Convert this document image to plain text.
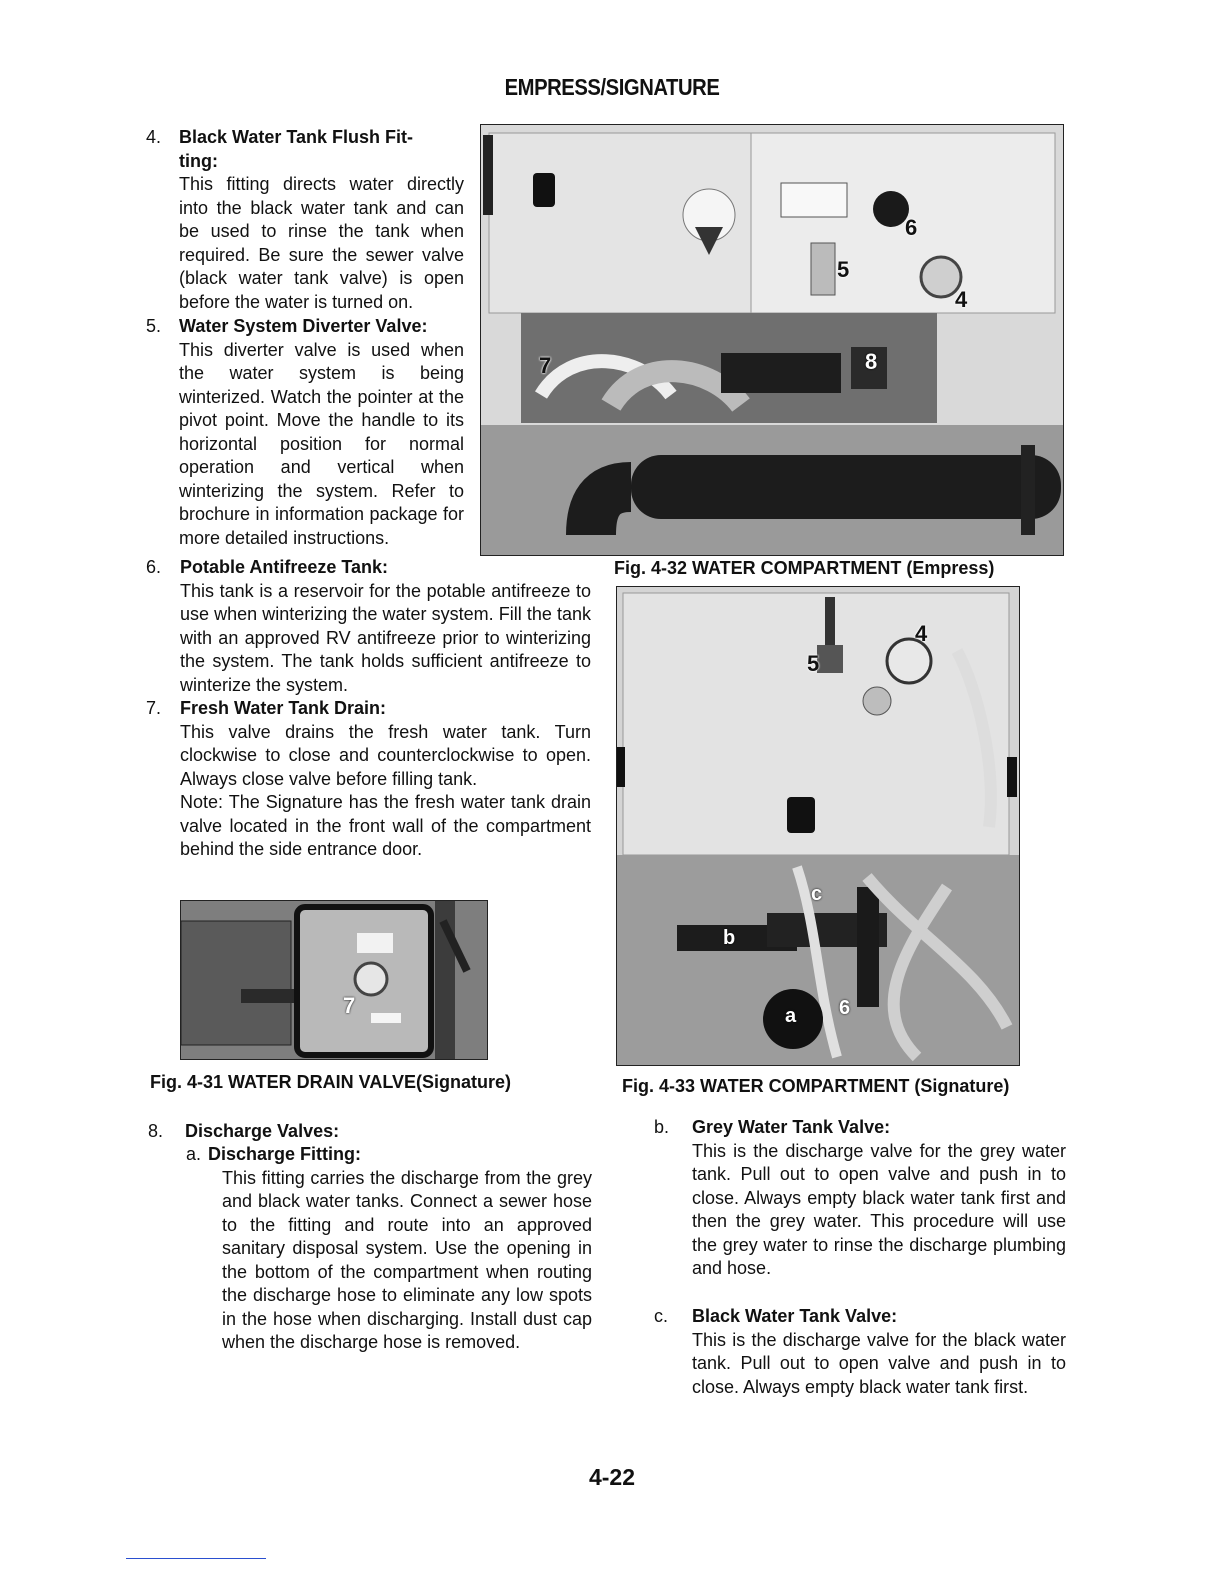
EMPRESS/SIGNATURE
4. Black Water Tank Flush Fit-
ting:
This fitting directs water directly into the black water tank and can be used to rinse the tank when required. Be sure the sewer valve (black water tank valve) is open before the water is turned on.
5. Water System Diverter Valve:
This diverter valve is used when the water system is being winterized. Watch the pointer at the pivot point. Move the handle to its horizontal position for normal operation and vertical when winterizing the system. Refer to brochure in information package for more detailed instructions.
6. Potable Antifreeze Tank:
This tank is a reservoir for the potable antifreeze to use when winterizing the water system. Fill the tank with an approved RV antifreeze prior to winterizing the system. The tank holds sufficient antifreeze to winterize the system.
7. Fresh Water Tank Drain:
This valve drains the fresh water tank. Turn clockwise to close and counterclockwise to open. Always close valve before filling tank.
Note: The Signature has the fresh water tank drain valve located in the front wall of the compartment behind the side entrance door.
6
5
4
7	8
Fig. 4-32 WATER COMPARTMENT (Empress)
4
5
c
b
a 6
Fig. 4-33 WATER COMPARTMENT (Signature)
7
Fig. 4-31 WATER DRAIN VALVE(Signature)
8. Discharge Valves:
a. Discharge Fitting:
This fitting carries the discharge from the grey and black water tanks. Connect a sewer hose to the fitting and route into an approved sanitary disposal system. Use the opening in the bottom of the compartment when routing the discharge hose to eliminate any low spots in the hose when discharging. Install dust cap when the discharge hose is removed.
b. Grey Water Tank Valve:
This is the discharge valve for the grey water tank. Pull out to open valve and push in to close. Always empty black water tank first and then the grey water. This procedure will use the grey water to rinse the discharge plumbing and hose.
c. Black Water Tank Valve:
This is the discharge valve for the black water tank. Pull out to open valve and push in to close. Always empty black water tank first.
4-22
